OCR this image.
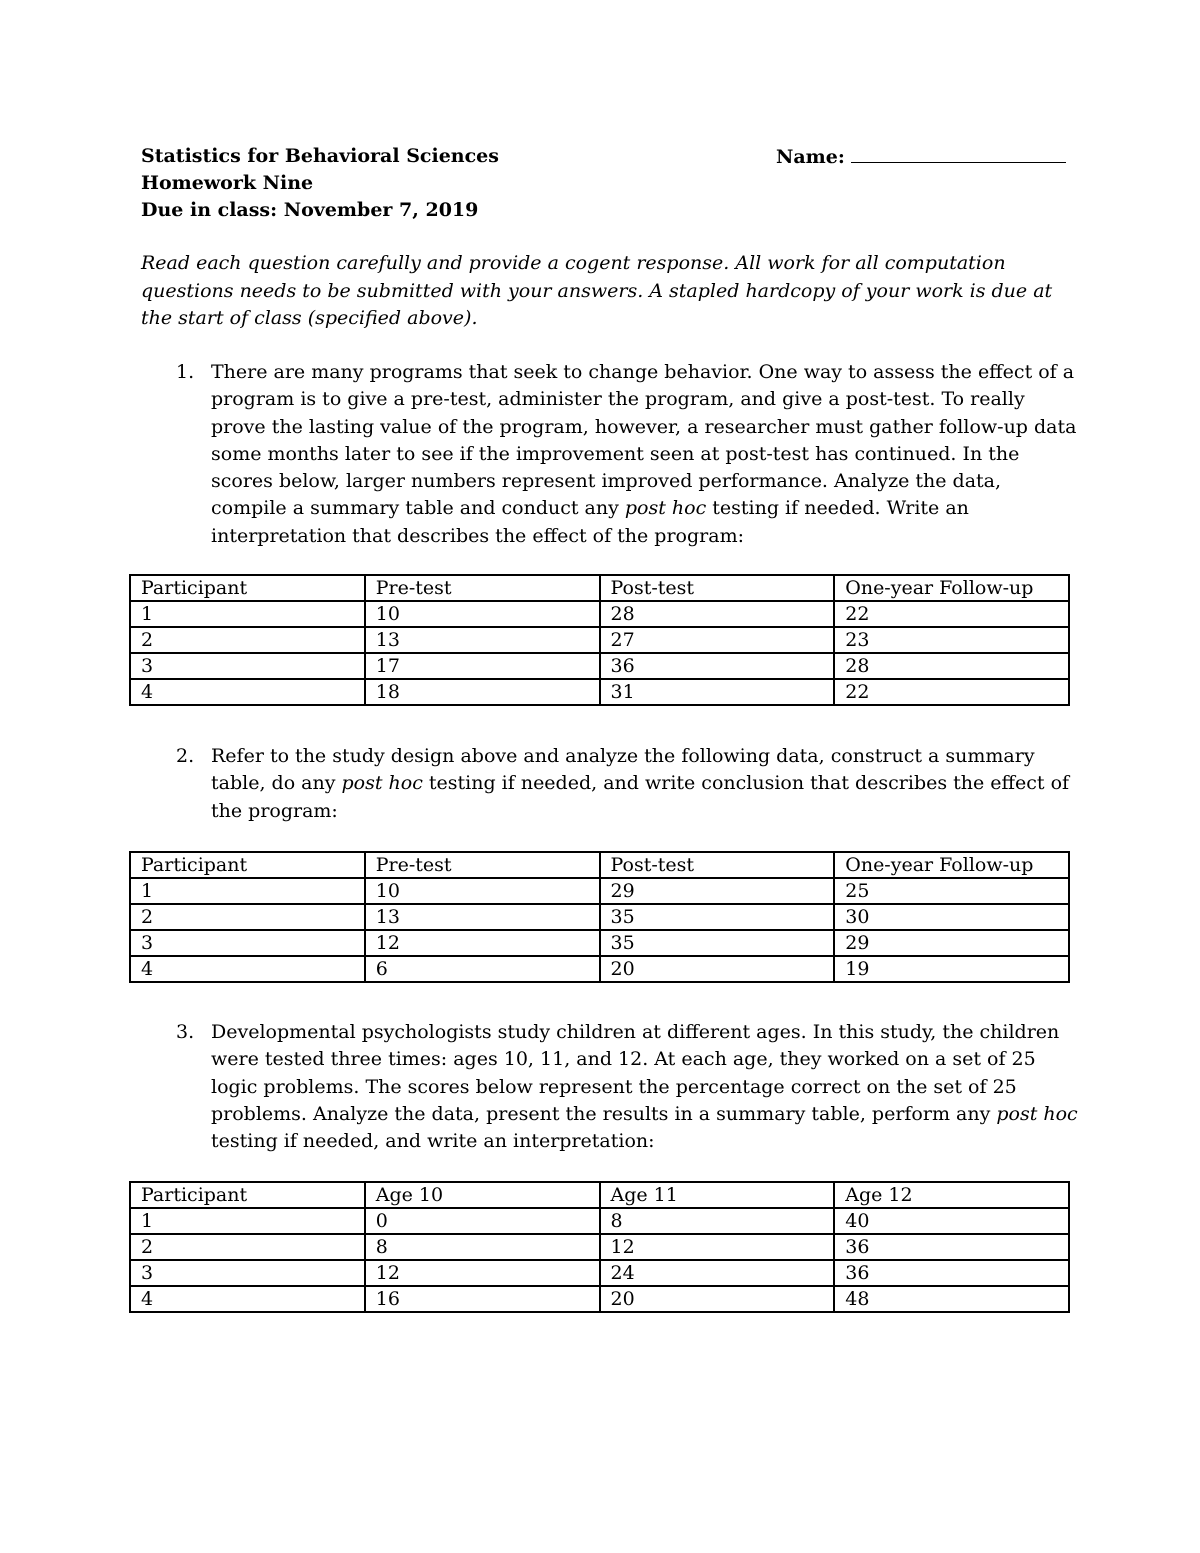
Statistics for Behavioral Sciences
Homework Nine
Due in class: November 7, 2019
Name:
Read each question carefully and provide a cogent response. All work for all computation
questions needs to be submitted with your answers. A stapled hardcopy of your work is due at
the start of class (specified above).
1. There are many programs that seek to change behavior. One way to assess the effect of a
program is to give a pre-test, administer the program, and give a post-test. To really
prove the lasting value of the program, however, a researcher must gather follow-up data
some months later to see if the improvement seen at post-test has continued. In the
scores below, larger numbers represent improved performance. Analyze the data,
compile a summary table and conduct any post hoc testing if needed. Write an
interpretation that describes the effect of the program:
Participant	Pre-test	Post-test	One-year Follow-up
1	10	28	22
2	13	27	23
3	17	36	28
4	18	31	22
2. Refer to the study design above and analyze the following data, construct a summary
table, do any post hoc testing if needed, and write conclusion that describes the effect of
the program:
Participant	Pre-test	Post-test	One-year Follow-up
1	10	29	25
2	13	35	30
3	12	35	29
4	6	20	19
3. Developmental psychologists study children at different ages. In this study, the children
were tested three times: ages 10, 11, and 12. At each age, they worked on a set of 25
logic problems. The scores below represent the percentage correct on the set of 25
problems. Analyze the data, present the results in a summary table, perform any post hoc
testing if needed, and write an interpretation:
Participant	Age 10	Age 11	Age 12
1	0	8	40
2	8	12	36
3	12	24	36
4	16	20	48
